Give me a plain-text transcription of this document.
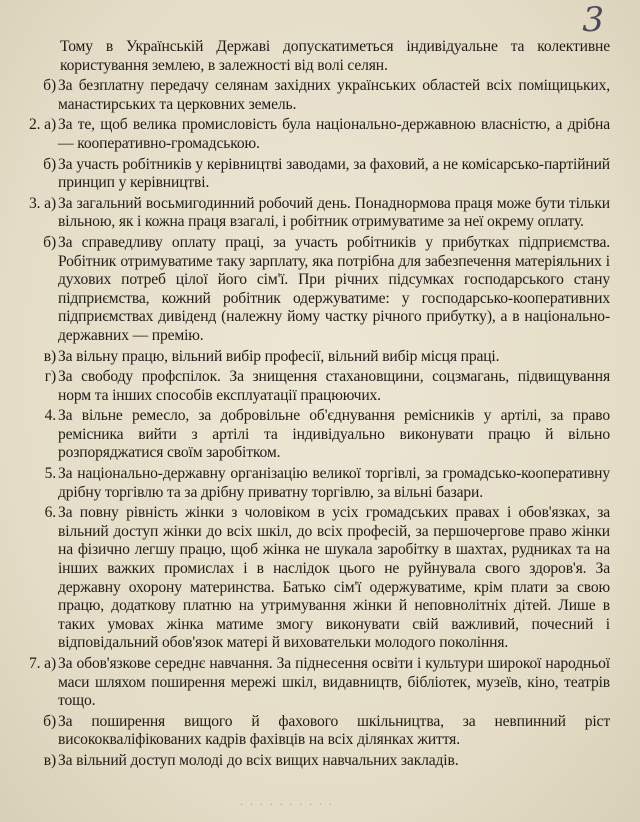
3
Тому в Українській Державі допускатиметься індивідуальне та колективне користування землею, в залежності від волі селян.
б) За безплатну передачу селянам західних українських областей всіх поміщицьких, манастирських та церковних земель.
2. а) За те, щоб велика промисловість була національно-державною власністю, а дрібна — кооперативно-громадською.
б) За участь робітників у керівництві заводами, за фаховий, а не комісарсько-партійний принцип у керівництві.
3. а) За загальний восьмигодинний робочий день. Понаднормова праця може бути тільки вільною, як і кожна праця взагалі, і робітник отримуватиме за неї окрему оплату.
б) За справедливу оплату праці, за участь робітників у прибутках підприємства. Робітник отримуватиме таку зарплату, яка потрібна для забезпечення матеріяльних і духових потреб цілої його сім'ї. При річних підсумках господарського стану підприємства, кожний робітник одержуватиме: у господарсько-кооперативних підприємствах дивіденд (належну йому частку річного прибутку), а в національно-державних — премію.
в) За вільну працю, вільний вибір професії, вільний вибір місця праці.
г) За свободу профспілок. За знищення стахановщини, соцзмагань, підвищування норм та інших способів експлуатації працюючих.
4. За вільне ремесло, за добровільне об'єднування ремісників у артілі, за право ремісника вийти з артілі та індивідуально виконувати працю й вільно розпоряджатися своїм заробітком.
5. За національно-державну організацію великої торгівлі, за громадсько-кооперативну дрібну торгівлю та за дрібну приватну торгівлю, за вільні базари.
6. За повну рівність жінки з чоловіком в усіх громадських правах і обов'язках, за вільний доступ жінки до всіх шкіл, до всіх професій, за першочергове право жінки на фізично легшу працю, щоб жінка не шукала заробітку в шахтах, рудниках та на інших важких промислах і в наслідок цього не руйнувала свого здоров'я. За державну охорону материнства. Батько сім'ї одержуватиме, крім плати за свою працю, додаткову платню на утримування жінки й неповнолітніх дітей. Лише в таких умовах жінка матиме змогу виконувати свій важливий, почесний і відповідальний обов'язок матері й виховательки молодого покоління.
7. а) За обов'язкове середнє навчання. За піднесення освіти і культури широкої народньої маси шляхом поширення мережі шкіл, видавництв, бібліотек, музеїв, кіно, театрів тощо.
б) За поширення вищого й фахового шкільництва, за невпинний ріст висококваліфікованих кадрів фахівців на всіх ділянках життя.
в) За вільний доступ молоді до всіх вищих навчальних закладів.
· · · · · · · · · ·
